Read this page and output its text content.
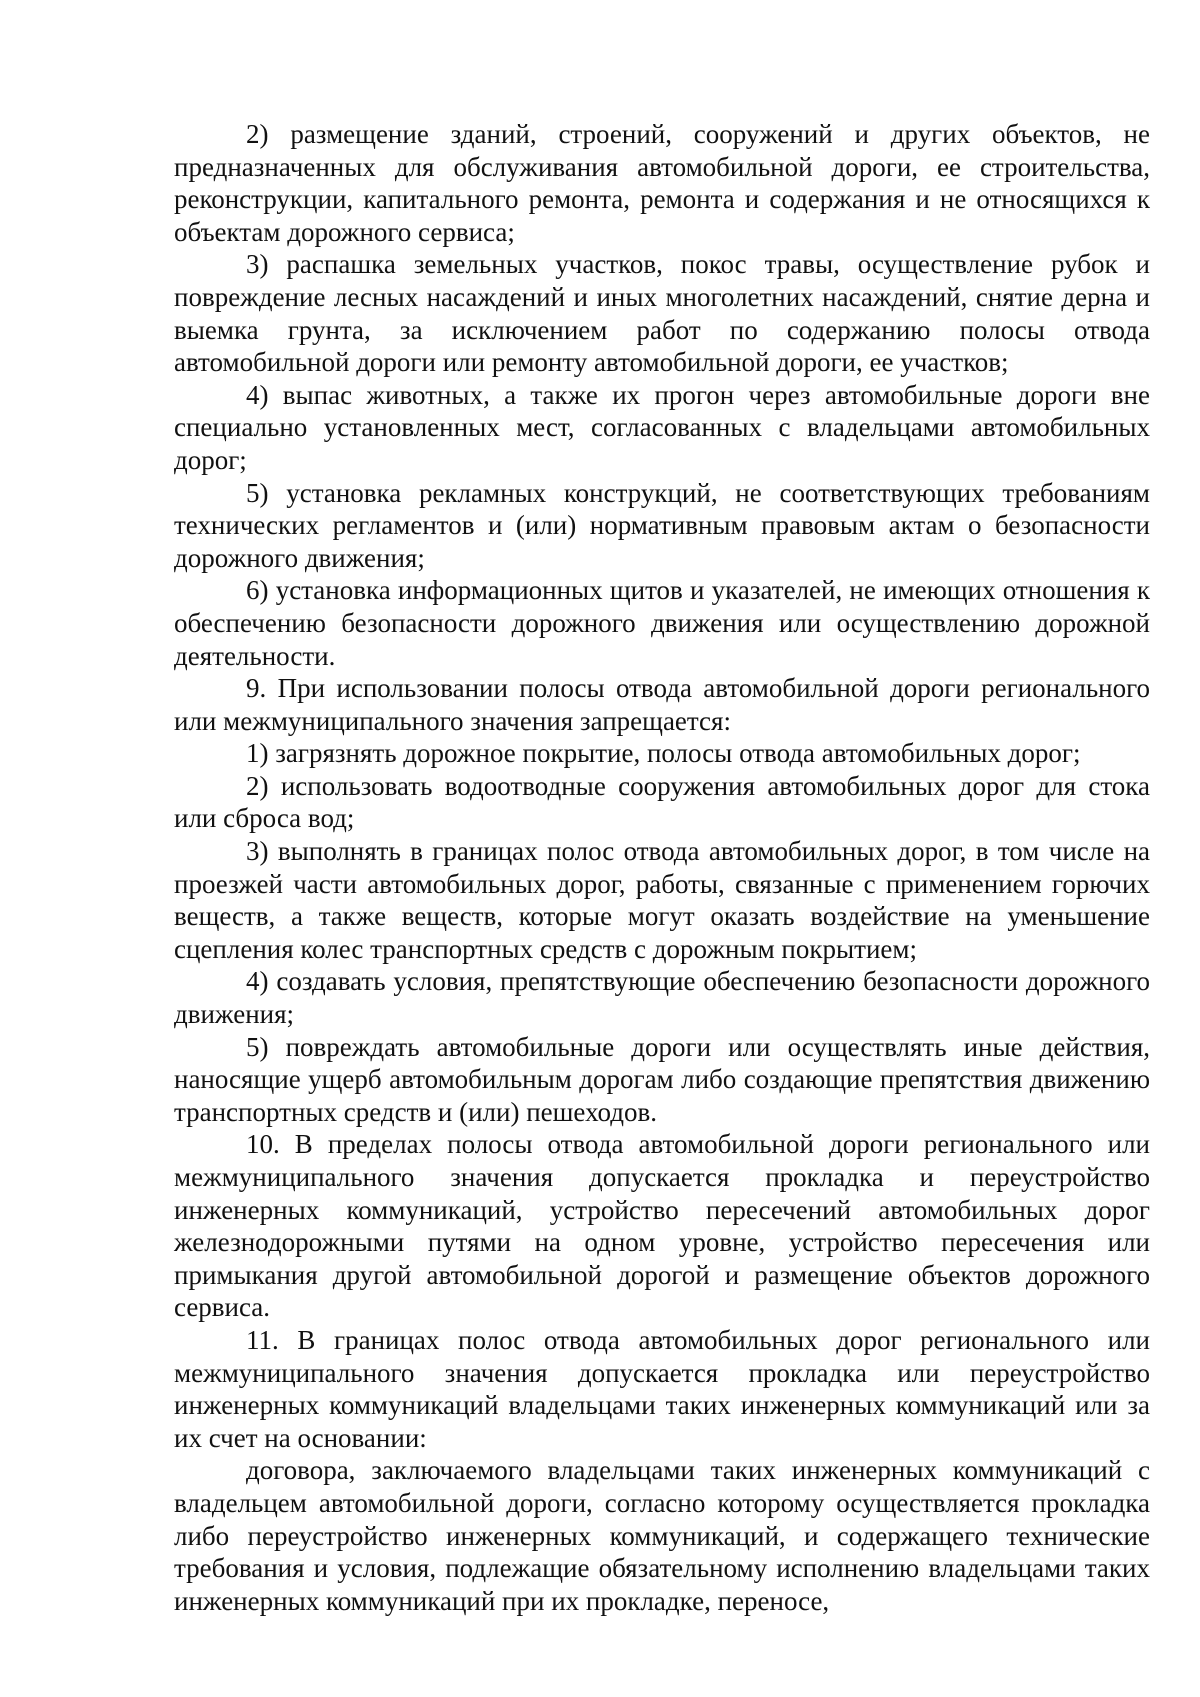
2) размещение зданий, строений, сооружений и других объектов, не предназначенных для обслуживания автомобильной дороги, ее строительства, реконструкции, капитального ремонта, ремонта и содержания и не относящихся к объектам дорожного сервиса;

3) распашка земельных участков, покос травы, осуществление рубок и повреждение лесных насаждений и иных многолетних насаждений, снятие дерна и выемка грунта, за исключением работ по содержанию полосы отвода автомобильной дороги или ремонту автомобильной дороги, ее участков;

4) выпас животных, а также их прогон через автомобильные дороги вне специально установленных мест, согласованных с владельцами автомобильных дорог;

5) установка рекламных конструкций, не соответствующих требованиям технических регламентов и (или) нормативным правовым актам о безопасности дорожного движения;

6) установка информационных щитов и указателей, не имеющих отношения к обеспечению безопасности дорожного движения или осуществлению дорожной деятельности.

9. При использовании полосы отвода автомобильной дороги регионального или межмуниципального значения запрещается:

1) загрязнять дорожное покрытие, полосы отвода автомобильных дорог;

2) использовать водоотводные сооружения автомобильных дорог для стока или сброса вод;

3) выполнять в границах полос отвода автомобильных дорог, в том числе на проезжей части автомобильных дорог, работы, связанные с применением горючих веществ, а также веществ, которые могут оказать воздействие на уменьшение сцепления колес транспортных средств с дорожным покрытием;

4) создавать условия, препятствующие обеспечению безопасности дорожного движения;

5) повреждать автомобильные дороги или осуществлять иные действия, наносящие ущерб автомобильным дорогам либо создающие препятствия движению транспортных средств и (или) пешеходов.

10. В пределах полосы отвода автомобильной дороги регионального или межмуниципального значения допускается прокладка и переустройство инженерных коммуникаций, устройство пересечений автомобильных дорог железнодорожными путями на одном уровне, устройство пересечения или примыкания другой автомобильной дорогой и размещение объектов дорожного сервиса.

11. В границах полос отвода автомобильных дорог регионального или межмуниципального значения допускается прокладка или переустройство инженерных коммуникаций владельцами таких инженерных коммуникаций или за их счет на основании:

договора, заключаемого владельцами таких инженерных коммуникаций с владельцем автомобильной дороги, согласно которому осуществляется прокладка либо переустройство инженерных коммуникаций, и содержащего технические требования и условия, подлежащие обязательному исполнению владельцами таких инженерных коммуникаций при их прокладке, переносе,
